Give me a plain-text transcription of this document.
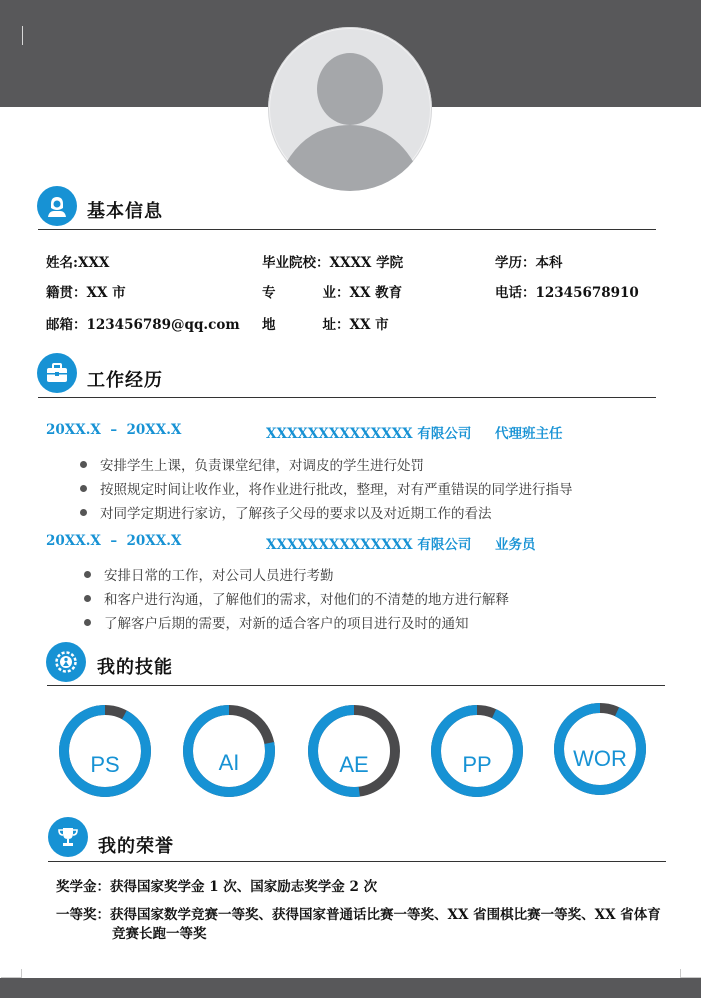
基本信息
姓名:XXX	毕业院校：XXXX 学院	学历：本科
籍贯：XX 市	专          业：XX 教育	电话：12345678910
邮箱：123456789@qq.com 地          址：XX 市
工作经历
20XX.X – 20XX.X	XXXXXXXXXXXXXX 有限公司 代理班主任
安排学生上课，负责课堂纪律，对调皮的学生进行处罚
按照规定时间让收作业，将作业进行批改，整理，对有严重错误的同学进行指导
对同学定期进行家访，了解孩子父母的要求以及对近期工作的看法
20XX.X – 20XX.X	XXXXXXXXXXXXXX 有限公司 业务员
安排日常的工作，对公司人员进行考勤
和客户进行沟通，了解他们的需求，对他们的不清楚的地方进行解释
了解客户后期的需要，对新的适合客户的项目进行及时的通知
我的技能
PS	AI	AE	PP	WOR
我的荣誉
奖学金：获得国家奖学金 1 次、国家励志奖学金 2 次
一等奖：获得国家数学竞赛一等奖、获得国家普通话比赛一等奖、XX 省围棋比赛一等奖、XX 省体育
竞赛长跑一等奖
